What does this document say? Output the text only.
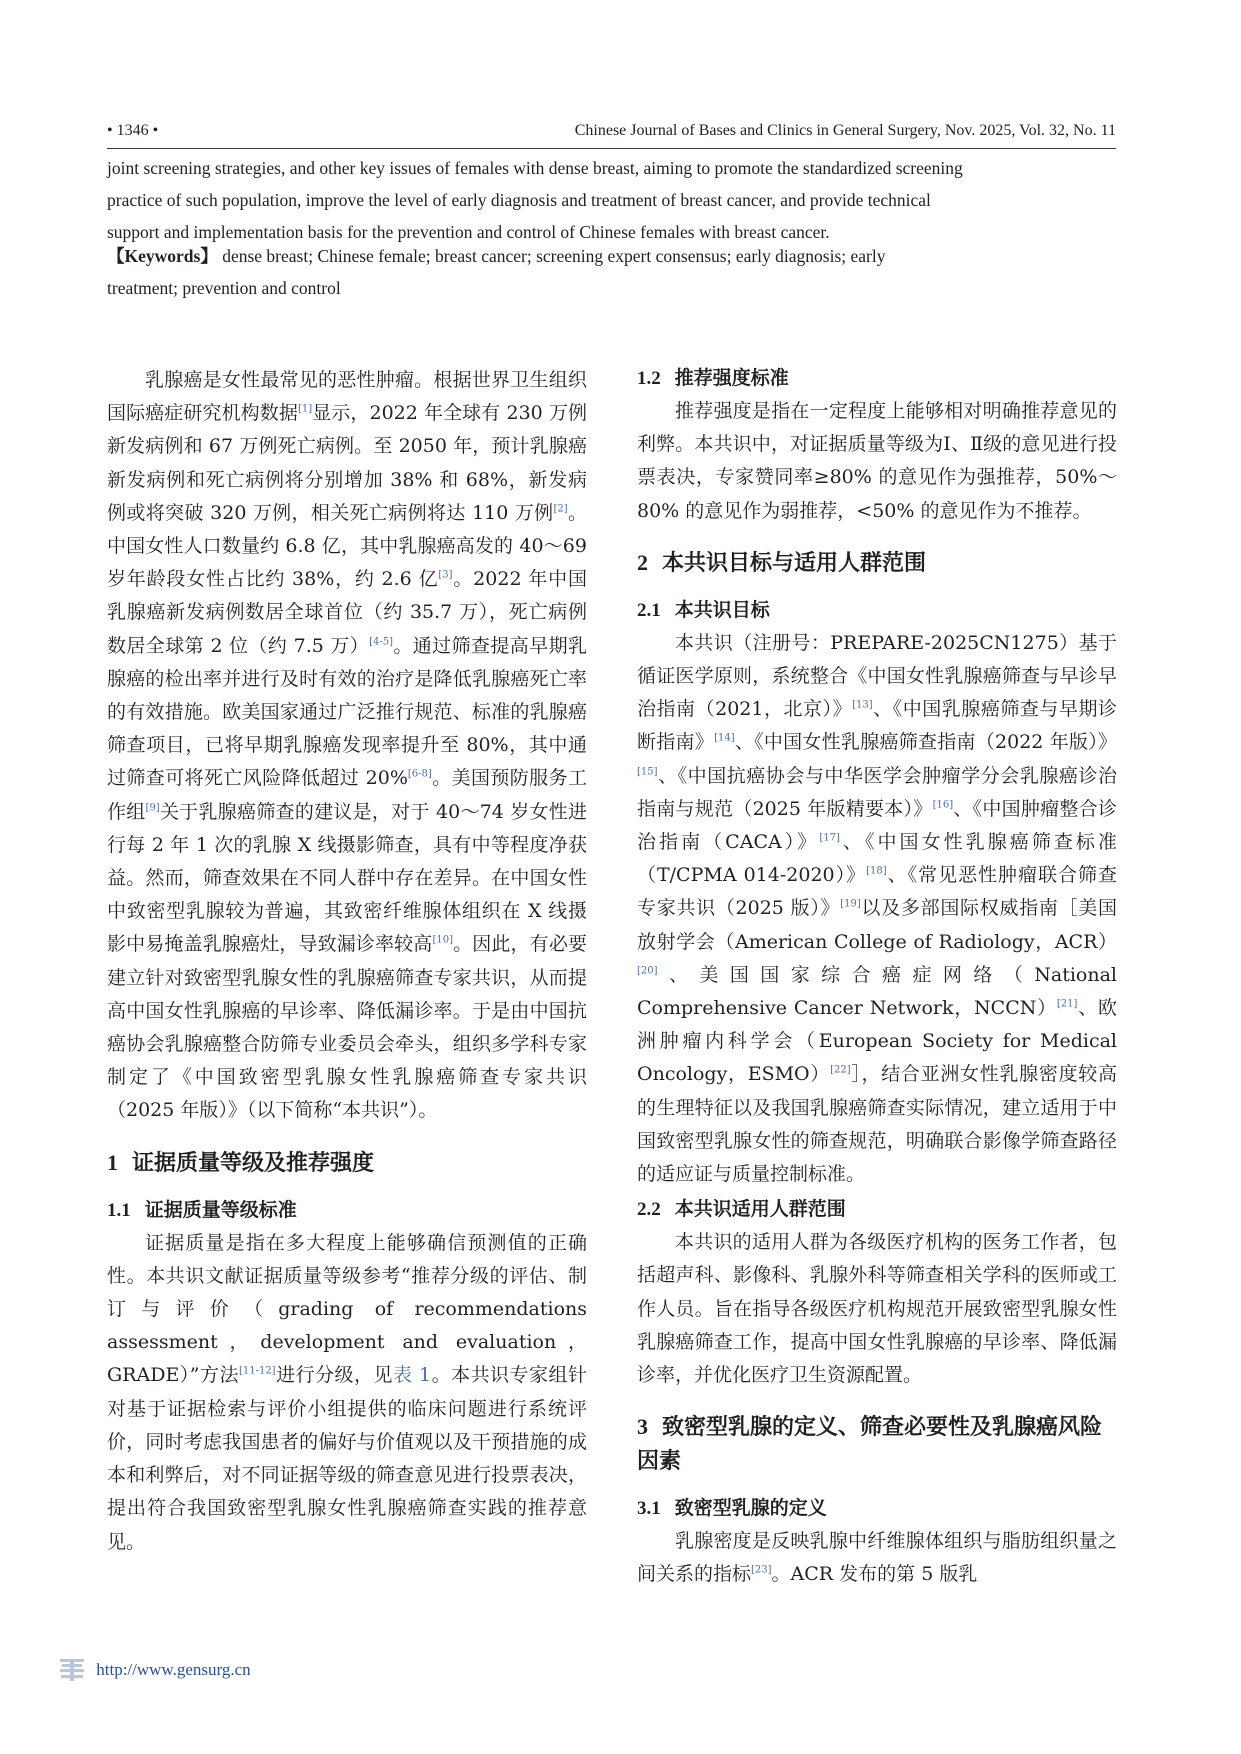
• 1346 •	Chinese Journal of Bases and Clinics in General Surgery, Nov. 2025, Vol. 32, No. 11

joint screening strategies, and other key issues of females with dense breast, aiming to promote the standardized screening

practice of such population, improve the level of early diagnosis and treatment of breast cancer, and provide technical

support and implementation basis for the prevention and control of Chinese females with breast cancer.

【Keywords】 dense breast; Chinese female; breast cancer; screening expert consensus; early diagnosis; early

treatment; prevention and control

乳腺癌是女性最常见的恶性肿瘤。根据世界卫生组织国际癌症研究机构数据[1]显示，2022 年全球有 230 万例新发病例和 67 万例死亡病例。至 2050 年，预计乳腺癌新发病例和死亡病例将分别增加 38% 和 68%，新发病例或将突破 320 万例，相关死亡病例将达 110 万例[2]。中国女性人口数量约 6.8 亿，其中乳腺癌高发的 40～69 岁年龄段女性占比约 38%，约 2.6 亿[3]。2022 年中国乳腺癌新发病例数居全球首位（约 35.7 万），死亡病例数居全球第 2 位（约 7.5 万）[4-5]。通过筛查提高早期乳腺癌的检出率并进行及时有效的治疗是降低乳腺癌死亡率的有效措施。欧美国家通过广泛推行规范、标准的乳腺癌筛查项目，已将早期乳腺癌发现率提升至 80%，其中通过筛查可将死亡风险降低超过 20%[6-8]。美国预防服务工作组[9]关于乳腺癌筛查的建议是，对于 40～74 岁女性进行每 2 年 1 次的乳腺 X 线摄影筛查，具有中等程度净获益。然而，筛查效果在不同人群中存在差异。在中国女性中致密型乳腺较为普遍，其致密纤维腺体组织在 X 线摄影中易掩盖乳腺癌灶，导致漏诊率较高[10]。因此，有必要建立针对致密型乳腺女性的乳腺癌筛查专家共识，从而提高中国女性乳腺癌的早诊率、降低漏诊率。于是由中国抗癌协会乳腺癌整合防筛专业委员会牵头，组织多学科专家制定了《中国致密型乳腺女性乳腺癌筛查专家共识（2025 年版）》（以下简称“本共识”）。

1 证据质量等级及推荐强度
1.1 证据质量等级标准

证据质量是指在多大程度上能够确信预测值的正确性。本共识文献证据质量等级参考“推荐分级的评估、制订与评价（grading of recommendations assessment，development and evaluation，GRADE）”方法[11-12]进行分级，见表 1。本共识专家组针对基于证据检索与评价小组提供的临床问题进行系统评价，同时考虑我国患者的偏好与价值观以及干预措施的成本和利弊后，对不同证据等级的筛查意见进行投票表决，提出符合我国致密型乳腺女性乳腺癌筛查实践的推荐意见。

1.2 推荐强度标准

推荐强度是指在一定程度上能够相对明确推荐意见的利弊。本共识中，对证据质量等级为Ⅰ、Ⅱ级的意见进行投票表决，专家赞同率≥80% 的意见作为强推荐，50%～80% 的意见作为弱推荐，<50% 的意见作为不推荐。

2 本共识目标与适用人群范围
2.1 本共识目标

本共识（注册号：PREPARE-2025CN1275）基于循证医学原则，系统整合《中国女性乳腺癌筛查与早诊早治指南（2021，北京）》[13]、《中国乳腺癌筛查与早期诊断指南》[14]、《中国女性乳腺癌筛查指南（2022 年版）》[15]、《中国抗癌协会与中华医学会肿瘤学分会乳腺癌诊治指南与规范（2025 年版精要本）》[16]、《中国肿瘤整合诊治指南（CACA）》[17]、《中国女性乳腺癌筛查标准（T/CPMA 014-2020）》[18]、《常见恶性肿瘤联合筛查专家共识（2025 版）》[19]以及多部国际权威指南［美国放射学会（American College of Radiology，ACR）[20]、美国国家综合癌症网络（National Comprehensive Cancer Network，NCCN）[21]、欧洲肿瘤内科学会（European Society for Medical Oncology，ESMO）[22]］，结合亚洲女性乳腺密度较高的生理特征以及我国乳腺癌筛查实际情况，建立适用于中国致密型乳腺女性的筛查规范，明确联合影像学筛查路径的适应证与质量控制标准。

2.2 本共识适用人群范围

本共识的适用人群为各级医疗机构的医务工作者，包括超声科、影像科、乳腺外科等筛查相关学科的医师或工作人员。旨在指导各级医疗机构规范开展致密型乳腺女性乳腺癌筛查工作，提高中国女性乳腺癌的早诊率、降低漏诊率，并优化医疗卫生资源配置。

3 致密型乳腺的定义、筛查必要性及乳腺癌风险因素
3.1 致密型乳腺的定义

乳腺密度是反映乳腺中纤维腺体组织与脂肪组织量之间关系的指标[23]。ACR 发布的第 5 版乳

http://www.gensurg.cn
